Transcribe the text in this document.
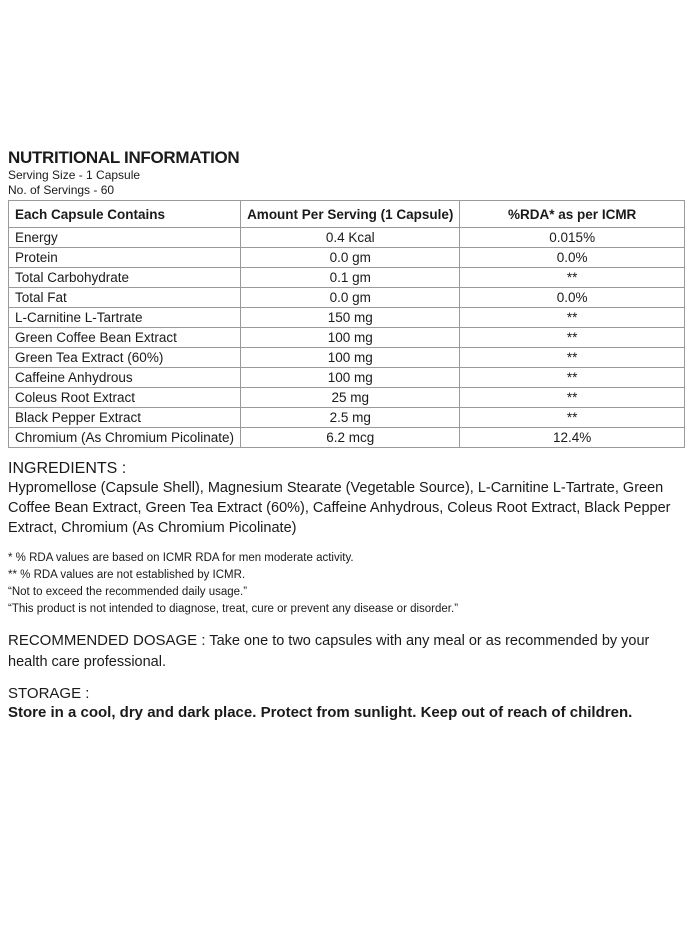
NUTRITIONAL INFORMATION
Serving Size - 1 Capsule
No. of Servings - 60
Each Capsule Contains	Amount Per Serving (1 Capsule)	%RDA* as per ICMR
Energy	0.4 Kcal	0.015%
Protein	0.0 gm	0.0%
Total Carbohydrate	0.1 gm	**
Total Fat	0.0 gm	0.0%
L-Carnitine L-Tartrate	150 mg	**
Green Coffee Bean Extract	100 mg	**
Green Tea Extract (60%)	100 mg	**
Caffeine Anhydrous	100 mg	**
Coleus Root Extract	25 mg	**
Black Pepper Extract	2.5 mg	**
Chromium (As Chromium Picolinate)	6.2 mcg	12.4%
INGREDIENTS :
Hypromellose (Capsule Shell), Magnesium Stearate (Vegetable Source), L-Carnitine L-Tartrate, Green Coffee Bean Extract, Green Tea Extract (60%), Caffeine Anhydrous, Coleus Root Extract, Black Pepper Extract, Chromium (As Chromium Picolinate)
* % RDA values are based on ICMR RDA for men moderate activity.
** % RDA values are not established by ICMR.
“Not to exceed the recommended daily usage.”
“This product is not intended to diagnose, treat, cure or prevent any disease or disorder.”
RECOMMENDED DOSAGE : Take one to two capsules with any meal or as recommended by your health care professional.
STORAGE :
Store in a cool, dry and dark place. Protect from sunlight. Keep out of reach of children.
